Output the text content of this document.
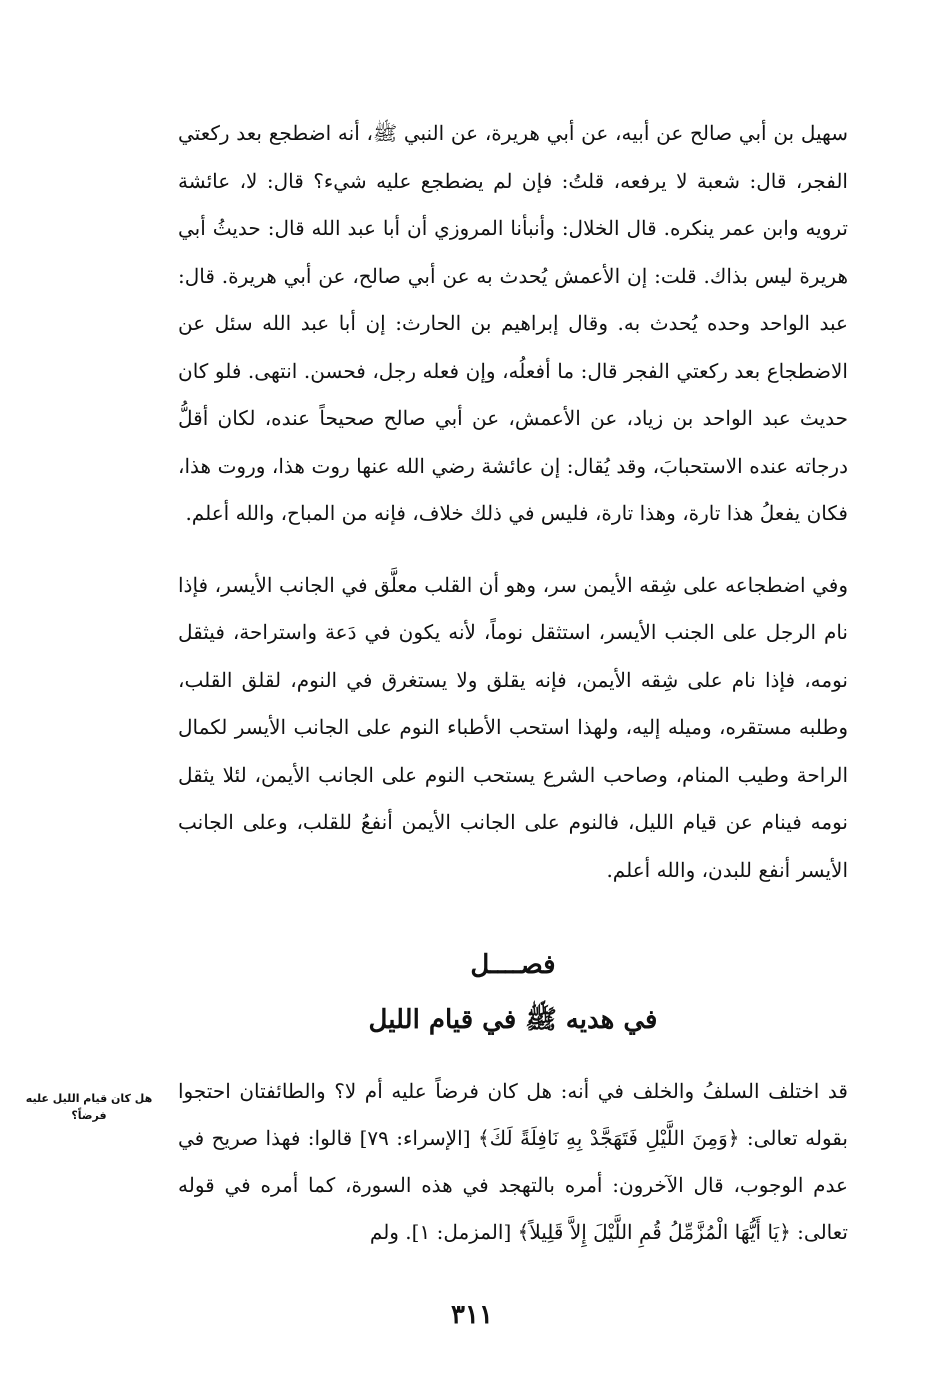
سهيل بن أبي صالح عن أبيه، عن أبي هريرة، عن النبي ﷺ، أنه اضطجع بعد ركعتي الفجر، قال: شعبة لا يرفعه، قلتُ: فإن لم يضطجع عليه شيء؟ قال: لا، عائشة ترويه وابن عمر ينكره. قال الخلال: وأنبأنا المروزي أن أبا عبد الله قال: حديثُ أبي هريرة ليس بذاك. قلت: إن الأعمش يُحدث به عن أبي صالح، عن أبي هريرة. قال: عبد الواحد وحده يُحدث به. وقال إبراهيم بن الحارث: إن أبا عبد الله سئل عن الاضطجاع بعد ركعتي الفجر قال: ما أفعلُه، وإن فعله رجل، فحسن. انتهى. فلو كان حديث عبد الواحد بن زياد، عن الأعمش، عن أبي صالح صحيحاً عنده، لكان أقلُّ درجاته عنده الاستحبابَ، وقد يُقال: إن عائشة رضي الله عنها روت هذا، وروت هذا، فكان يفعلُ هذا تارة، وهذا تارة، فليس في ذلك خلاف، فإنه من المباح، والله أعلم.

وفي اضطجاعه على شِقه الأيمن سر، وهو أن القلب معلَّق في الجانب الأيسر، فإذا نام الرجل على الجنب الأيسر، استثقل نوماً، لأنه يكون في دَعة واستراحة، فيثقل نومه، فإذا نام على شِقه الأيمن، فإنه يقلق ولا يستغرق في النوم، لقلق القلب، وطلبه مستقره، وميله إليه، ولهذا استحب الأطباء النوم على الجانب الأيسر لكمال الراحة وطيب المنام، وصاحب الشرع يستحب النوم على الجانب الأيمن، لئلا يثقل نومه فينام عن قيام الليل، فالنوم على الجانب الأيمن أنفعُ للقلب، وعلى الجانب الأيسر أنفع للبدن، والله أعلم.

فصــــل
في هديه ﷺ في قيام الليل

قد اختلف السلفُ والخلف في أنه: هل كان فرضاً عليه أم لا؟ والطائفتان احتجوا بقوله تعالى: ﴿وَمِنَ اللَّيْلِ فَتَهَجَّدْ بِهِ نَافِلَةً لَكَ﴾ [الإسراء: ٧٩] قالوا: فهذا صريح في عدم الوجوب، قال الآخرون: أمره بالتهجد في هذه السورة، كما أمره في قوله تعالى: ﴿يَا أَيُّهَا الْمُزَّمِّلُ قُمِ اللَّيْلَ إِلاَّ قَلِيلاً﴾ [المزمل: ١]. ولم

هل كان قيام الليل عليه فرضاً؟
٣١١
